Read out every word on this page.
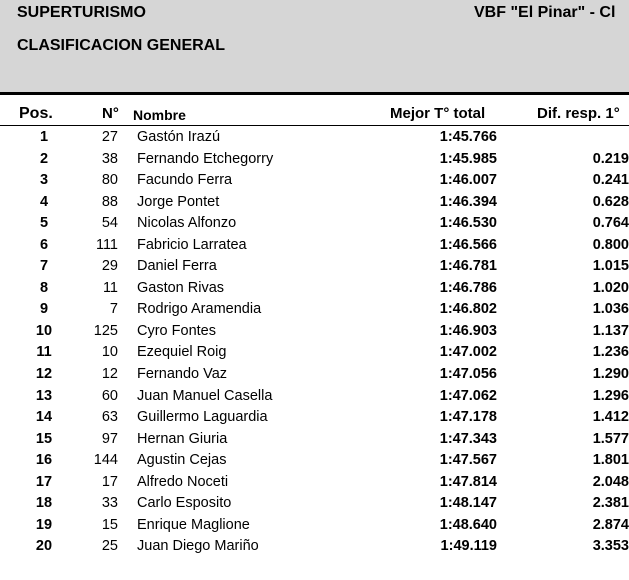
SUPERTURISMO	VBF "El Pinar" - Cl
CLASIFICACION GENERAL
Pos.	N° Nombre	Mejor T° total	Dif. resp. 1°
1	27 Gastón Irazú	1:45.766
2	38 Fernando Etchegorry	1:45.985	0.219
3	80 Facundo Ferra	1:46.007	0.241
4	88 Jorge Pontet	1:46.394	0.628
5	54 Nicolas Alfonzo	1:46.530	0.764
6	111 Fabricio Larratea	1:46.566	0.800
7	29 Daniel Ferra	1:46.781	1.015
8	11 Gaston Rivas	1:46.786	1.020
9	7 Rodrigo Aramendia	1:46.802	1.036
10	125 Cyro Fontes	1:46.903	1.137
11	10 Ezequiel Roig	1:47.002	1.236
12	12 Fernando Vaz	1:47.056	1.290
13	60 Juan Manuel Casella	1:47.062	1.296
14	63 Guillermo Laguardia	1:47.178	1.412
15	97 Hernan Giuria	1:47.343	1.577
16	144 Agustin Cejas	1:47.567	1.801
17	17 Alfredo Noceti	1:47.814	2.048
18	33 Carlo Esposito	1:48.147	2.381
19	15 Enrique Maglione	1:48.640	2.874
20	25 Juan Diego Mariño	1:49.119	3.353
